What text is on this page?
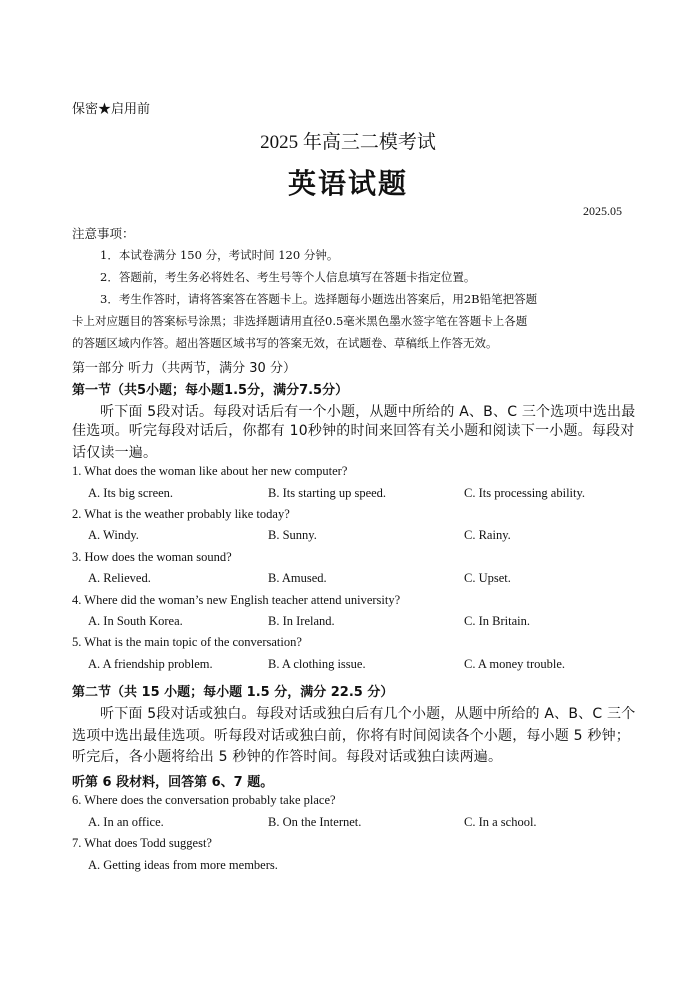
保密★启用前
2025 年高三二模考试
英语试题
2025.05
注意事项：
1．本试卷满分 150 分，考试时间 120 分钟。
2．答题前，考生务必将姓名、考生号等个人信息填写在答题卡指定位置。
3．考生作答时，请将答案答在答题卡上。选择题每小题选出答案后，用2B铅笔把答题
卡上对应题目的答案标号涂黑；非选择题请用直径0.5毫米黑色墨水签字笔在答题卡上各题
的答题区域内作答。超出答题区域书写的答案无效，在试题卷、草稿纸上作答无效。
第一部分 听力（共两节，满分 30 分）
第一节（共5小题；每小题1.5分，满分7.5分）
听下面 5段对话。每段对话后有一个小题，从题中所给的 A、B、C 三个选项中选出最
佳选项。听完每段对话后，你都有 10秒钟的时间来回答有关小题和阅读下一小题。每段对
话仅读一遍。
1. What does the woman like about her new computer?
A. Its big screen.	B. Its starting up speed.	C. Its processing ability.
2. What is the weather probably like today?
A. Windy.	B. Sunny.	C. Rainy.
3. How does the woman sound?
A. Relieved.	B. Amused.	C. Upset.
4. Where did the woman’s new English teacher attend university?
A. In South Korea.	B. In Ireland.	C. In Britain.
5. What is the main topic of the conversation?
A. A friendship problem.	B. A clothing issue.	C. A money trouble.
第二节（共 15 小题；每小题 1.5 分，满分 22.5 分）
听下面 5段对话或独白。每段对话或独白后有几个小题，从题中所给的 A、B、C 三个
选项中选出最佳选项。听每段对话或独白前，你将有时间阅读各个小题，每小题 5 秒钟；
听完后，各小题将给出 5 秒钟的作答时间。每段对话或独白读两遍。
听第 6 段材料，回答第 6、7 题。
6. Where does the conversation probably take place?
A. In an office.	B. On the Internet.	C. In a school.
7. What does Todd suggest?
A. Getting ideas from more members.
